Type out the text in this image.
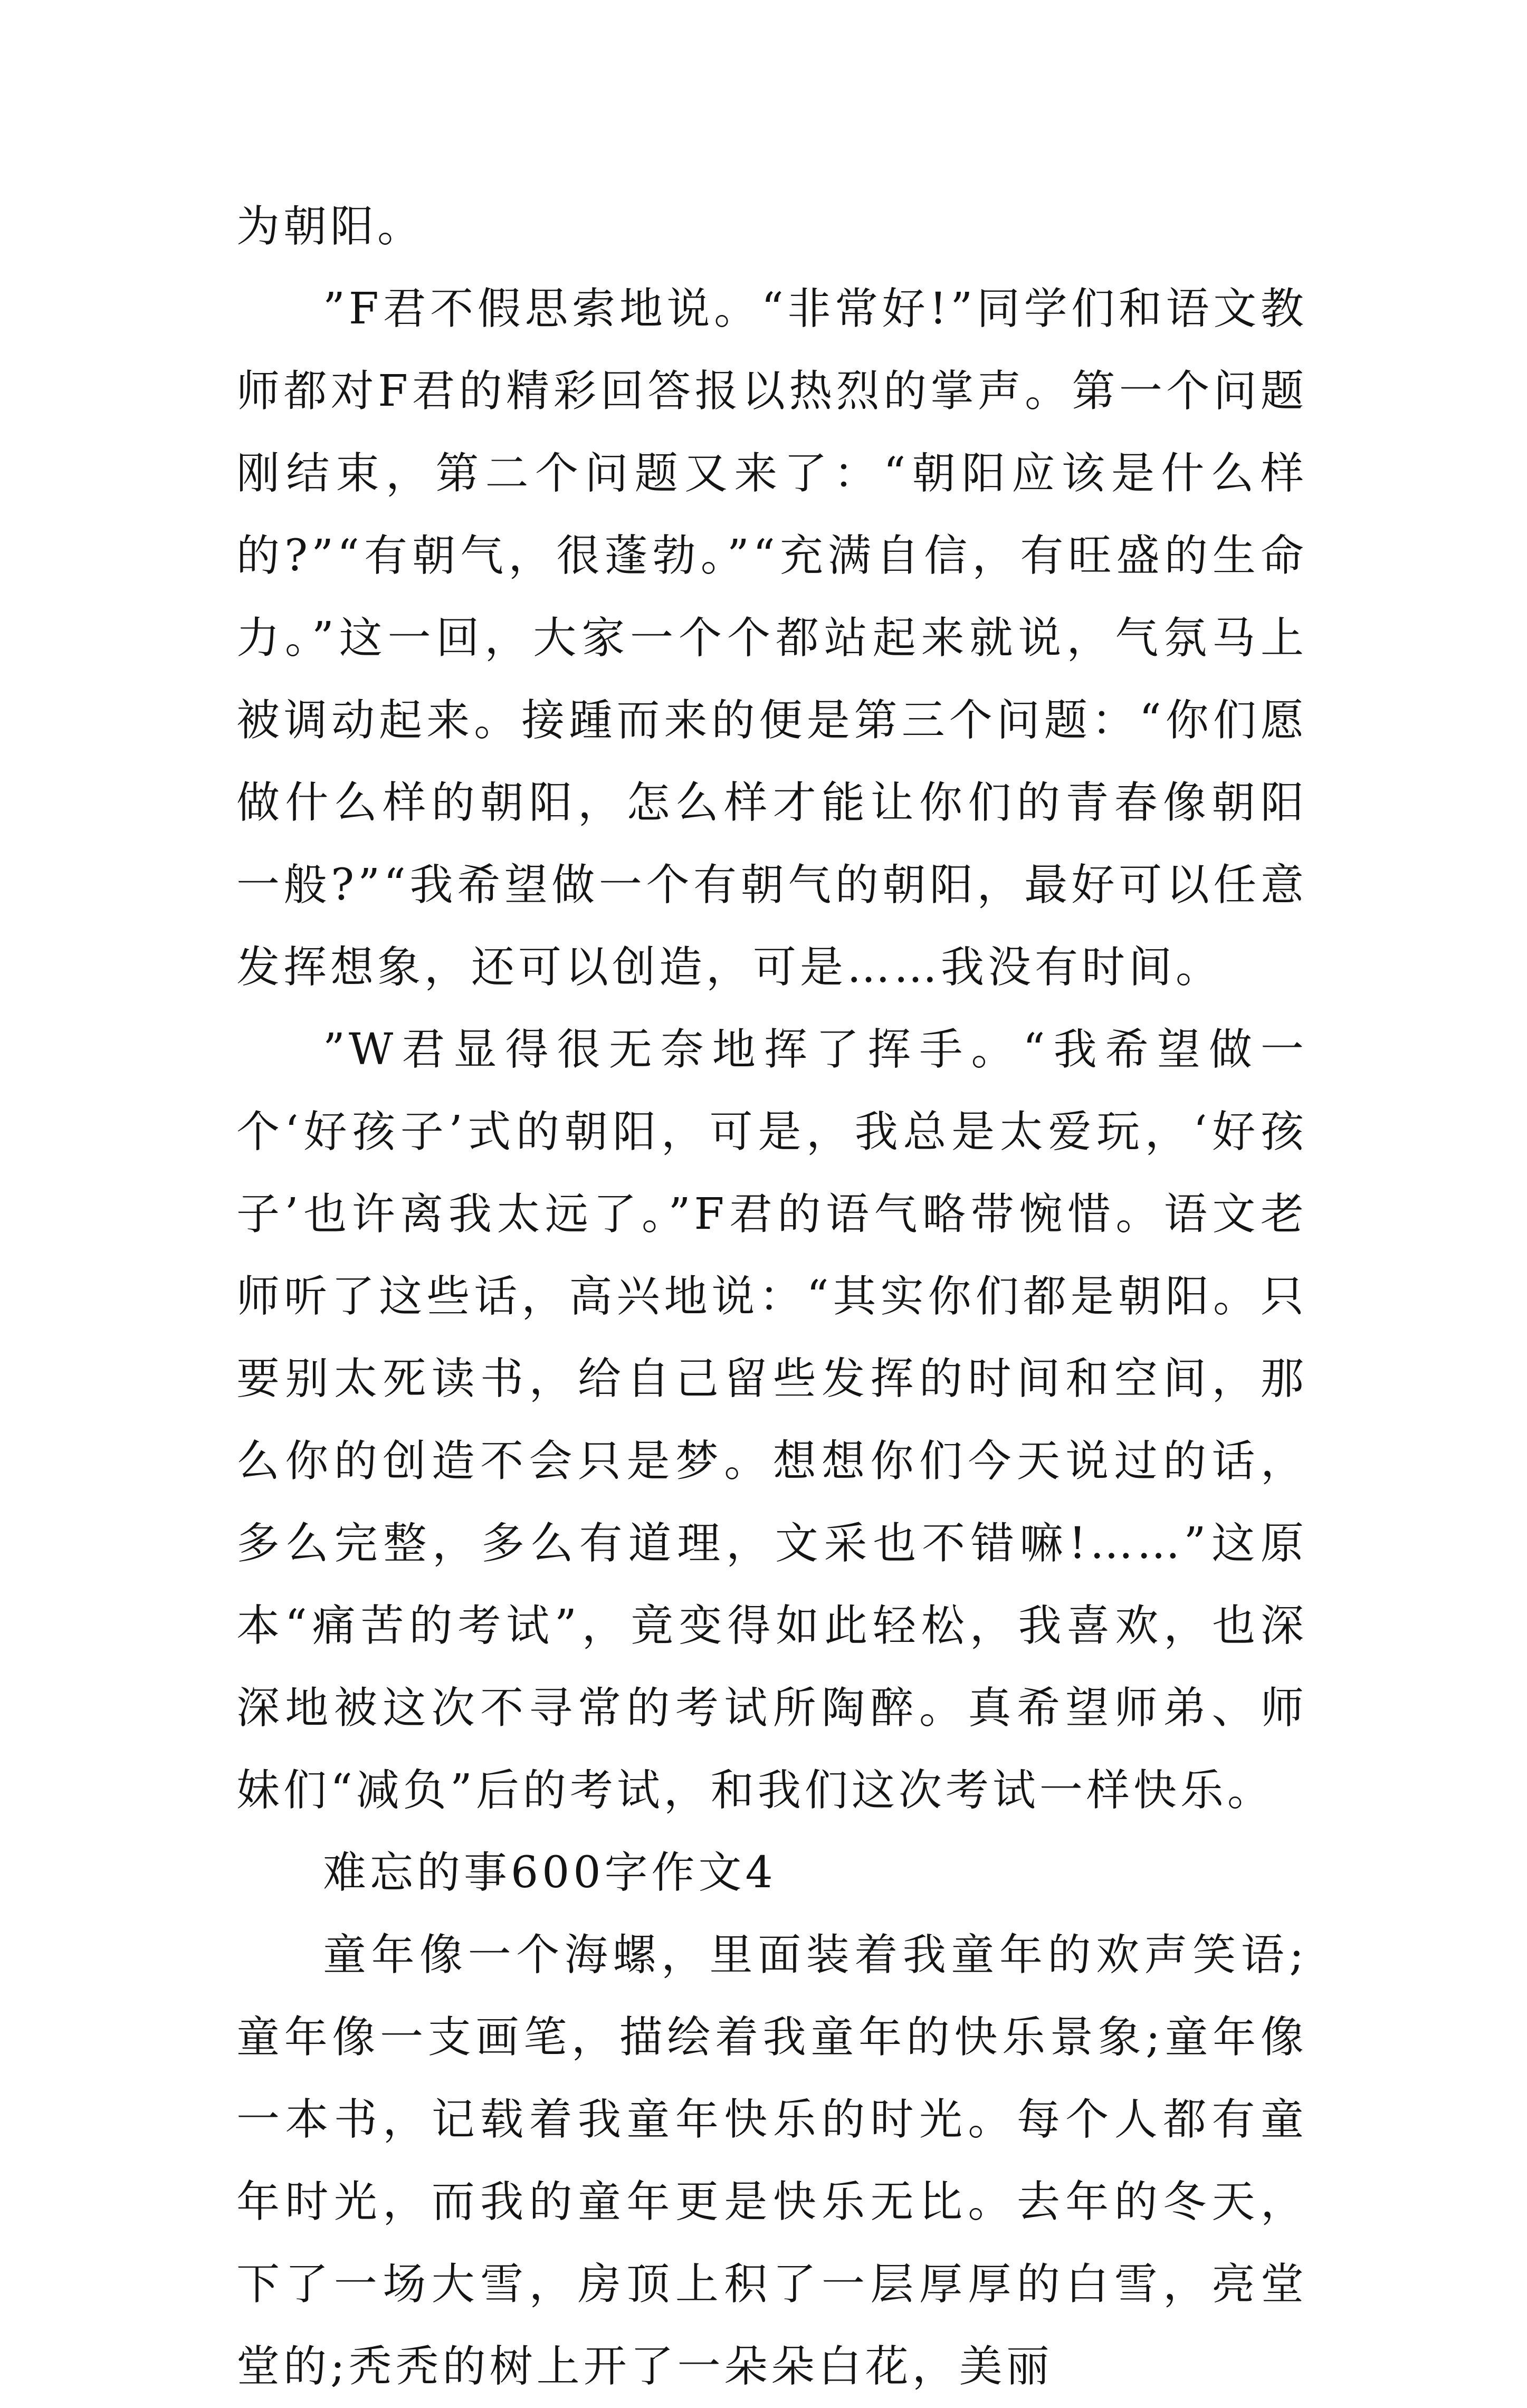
为朝阳。

”F君不假思索地说。“非常好!”同学们和语文教师都对F君的精彩回答报以热烈的掌声。第一个问题刚结束，第二个问题又来了：“朝阳应该是什么样的?”“有朝气，很蓬勃。”“充满自信，有旺盛的生命力。”这一回，大家一个个都站起来就说，气氛马上被调动起来。接踵而来的便是第三个问题：“你们愿做什么样的朝阳，怎么样才能让你们的青春像朝阳一般?”“我希望做一个有朝气的朝阳，最好可以任意发挥想象，还可以创造，可是……我没有时间。

”W君显得很无奈地挥了挥手。“我希望做一个‘好孩子’式的朝阳，可是，我总是太爱玩，‘好孩子’也许离我太远了。”F君的语气略带惋惜。语文老师听了这些话，高兴地说：“其实你们都是朝阳。只要别太死读书，给自己留些发挥的时间和空间，那么你的创造不会只是梦。想想你们今天说过的话，多么完整，多么有道理，文采也不错嘛!……”这原本“痛苦的考试”，竟变得如此轻松，我喜欢，也深深地被这次不寻常的考试所陶醉。真希望师弟、师妹们“减负”后的考试，和我们这次考试一样快乐。

难忘的事600字作文4

童年像一个海螺，里面装着我童年的欢声笑语;童年像一支画笔，描绘着我童年的快乐景象;童年像一本书，记载着我童年快乐的时光。每个人都有童年时光，而我的童年更是快乐无比。去年的冬天，下了一场大雪，房顶上积了一层厚厚的白雪，亮堂堂的;秃秃的树上开了一朵朵白花，美丽
